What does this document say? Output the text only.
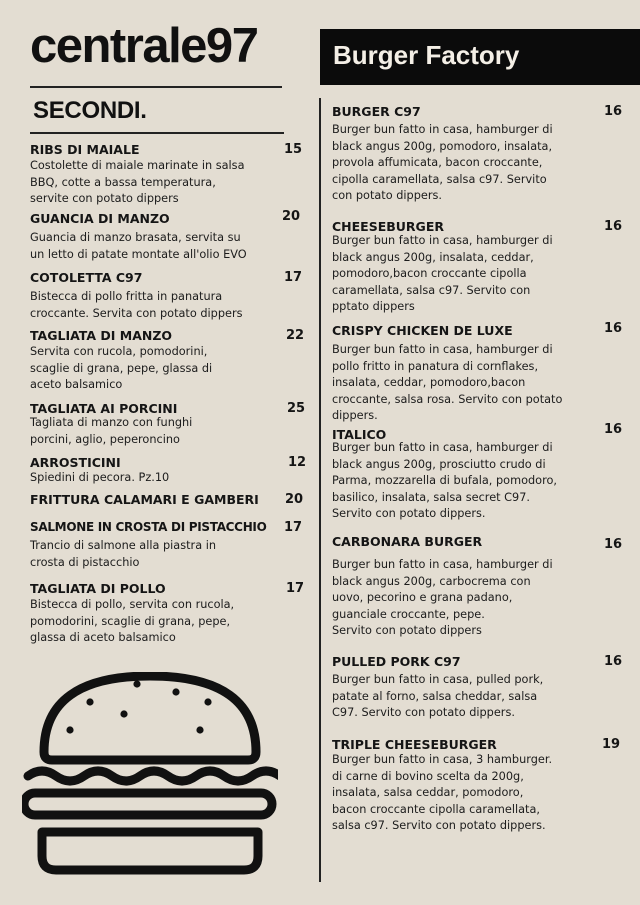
centrale97
SECONDI.
Burger Factory
RIBS DI MAIALE	15
Costolette di maiale marinate in salsa
BBQ, cotte a bassa temperatura,
servite con potato dippers
GUANCIA DI MANZO	20
Guancia di manzo brasata, servita su
un letto di patate montate all'olio EVO
COTOLETTA C97	17
Bistecca di pollo fritta in panatura
croccante. Servita con potato dippers
TAGLIATA DI MANZO	22
Servita con rucola, pomodorini,
scaglie di grana, pepe, glassa di
aceto balsamico
TAGLIATA AI PORCINI	25
Tagliata di manzo con funghi
porcini, aglio, peperoncino
ARROSTICINI	12
Spiedini di pecora. Pz.10
FRITTURA CALAMARI E GAMBERI 20
SALMONE IN CROSTA DI PISTACCHIO 17
Trancio di salmone alla piastra in
crosta di pistacchio
TAGLIATA DI POLLO	17
Bistecca di pollo, servita con rucola,
pomodorini, scaglie di grana, pepe,
glassa di aceto balsamico
BURGER C97	16
Burger bun fatto in casa, hamburger di
black angus 200g, pomodoro, insalata,
provola affumicata, bacon croccante,
cipolla caramellata, salsa c97. Servito
con potato dippers.
CHEESEBURGER	16
Burger bun fatto in casa, hamburger di
black angus 200g, insalata, ceddar,
pomodoro,bacon croccante cipolla
caramellata, salsa c97. Servito con
pptato dippers
CRISPY CHICKEN DE LUXE	16
Burger bun fatto in casa, hamburger di
pollo fritto in panatura di cornflakes,
insalata, ceddar, pomodoro,bacon
croccante, salsa rosa. Servito con potato
dippers.
ITALICO	16
Burger bun fatto in casa, hamburger di
black angus 200g, prosciutto crudo di
Parma, mozzarella di bufala, pomodoro,
basilico, insalata, salsa secret C97.
Servito con potato dippers.
CARBONARA BURGER	16
Burger bun fatto in casa, hamburger di
black angus 200g, carbocrema con
uovo, pecorino e grana padano,
guanciale croccante, pepe.
Servito con potato dippers
PULLED PORK C97	16
Burger bun fatto in casa, pulled pork,
patate al forno, salsa cheddar, salsa
C97. Servito con potato dippers.
TRIPLE CHEESEBURGER	19
Burger bun fatto in casa, 3 hamburger.
di carne di bovino scelta da 200g,
insalata, salsa ceddar, pomodoro,
bacon croccante cipolla caramellata,
salsa c97. Servito con potato dippers.
